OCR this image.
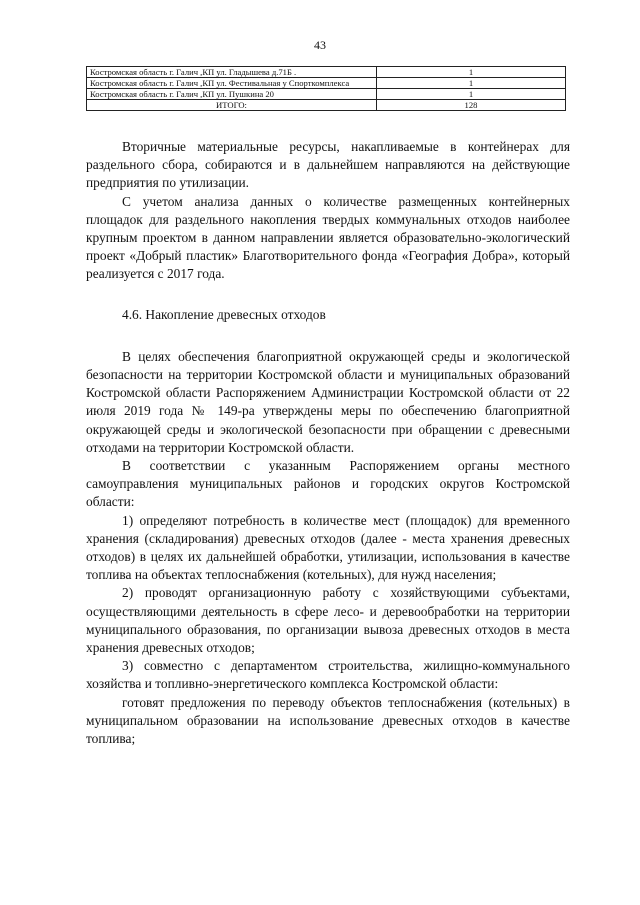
43
Костромская область г. Галич ,КП ул. Гладышева д.71Б .	1
Костромская область г. Галич ,КП ул. Фестивальная у Спорткомплекса	1
Костромская область г. Галич ,КП ул. Пушкина 20	1
ИТОГО:	128

Вторичные материальные ресурсы, накапливаемые в контейнерах для раздельного сбора, собираются и в дальнейшем направляются на действующие предприятия по утилизации.

С учетом анализа данных о количестве размещенных контейнерных площадок для раздельного накопления твердых коммунальных отходов наиболее крупным проектом в данном направлении является образовательно-экологический проект «Добрый пластик» Благотворительного фонда «География Добра», который реализуется с 2017 года.

4.6. Накопление древесных отходов

В целях обеспечения благоприятной окружающей среды и экологической безопасности на территории Костромской области и муниципальных образований Костромской области Распоряжением Администрации Костромской области от 22 июля 2019 года № 149-ра утверждены меры по обеспечению благоприятной окружающей среды и экологической безопасности при обращении с древесными отходами на территории Костромской области.

В соответствии с указанным Распоряжением органы местного самоуправления муниципальных районов и городских округов Костромской области:

1) определяют потребность в количестве мест (площадок) для временного хранения (складирования) древесных отходов (далее - места хранения древесных отходов) в целях их дальнейшей обработки, утилизации, использования в качестве топлива на объектах теплоснабжения (котельных), для нужд населения;

2) проводят организационную работу с хозяйствующими субъектами, осуществляющими деятельность в сфере лесо- и деревообработки на территории муниципального образования, по организации вывоза древесных отходов в места хранения древесных отходов;

3) совместно с департаментом строительства, жилищно-коммунального хозяйства и топливно-энергетического комплекса Костромской области:

готовят предложения по переводу объектов теплоснабжения (котельных) в муниципальном образовании на использование древесных отходов в качестве топлива;
